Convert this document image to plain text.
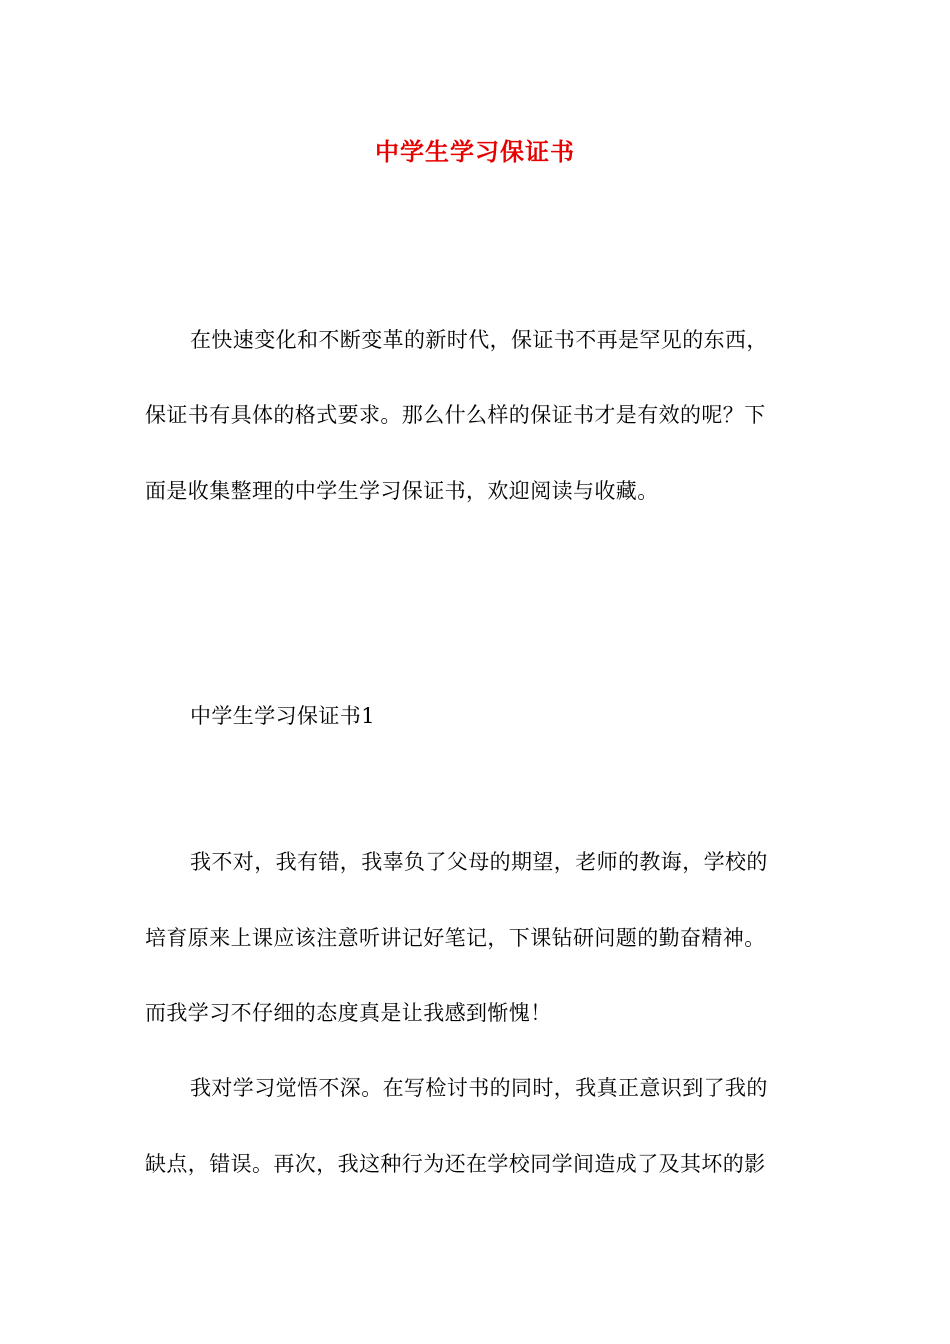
中学生学习保证书
在快速变化和不断变革的新时代，保证书不再是罕见的东西，
保证书有具体的格式要求。那么什么样的保证书才是有效的呢？下
面是收集整理的中学生学习保证书，欢迎阅读与收藏。
中学生学习保证书1
我不对，我有错，我辜负了父母的期望，老师的教诲，学校的
培育原来上课应该注意听讲记好笔记，下课钻研问题的勤奋精神。
而我学习不仔细的态度真是让我感到惭愧！
我对学习觉悟不深。在写检讨书的同时，我真正意识到了我的
缺点，错误。再次，我这种行为还在学校同学间造成了及其坏的影
